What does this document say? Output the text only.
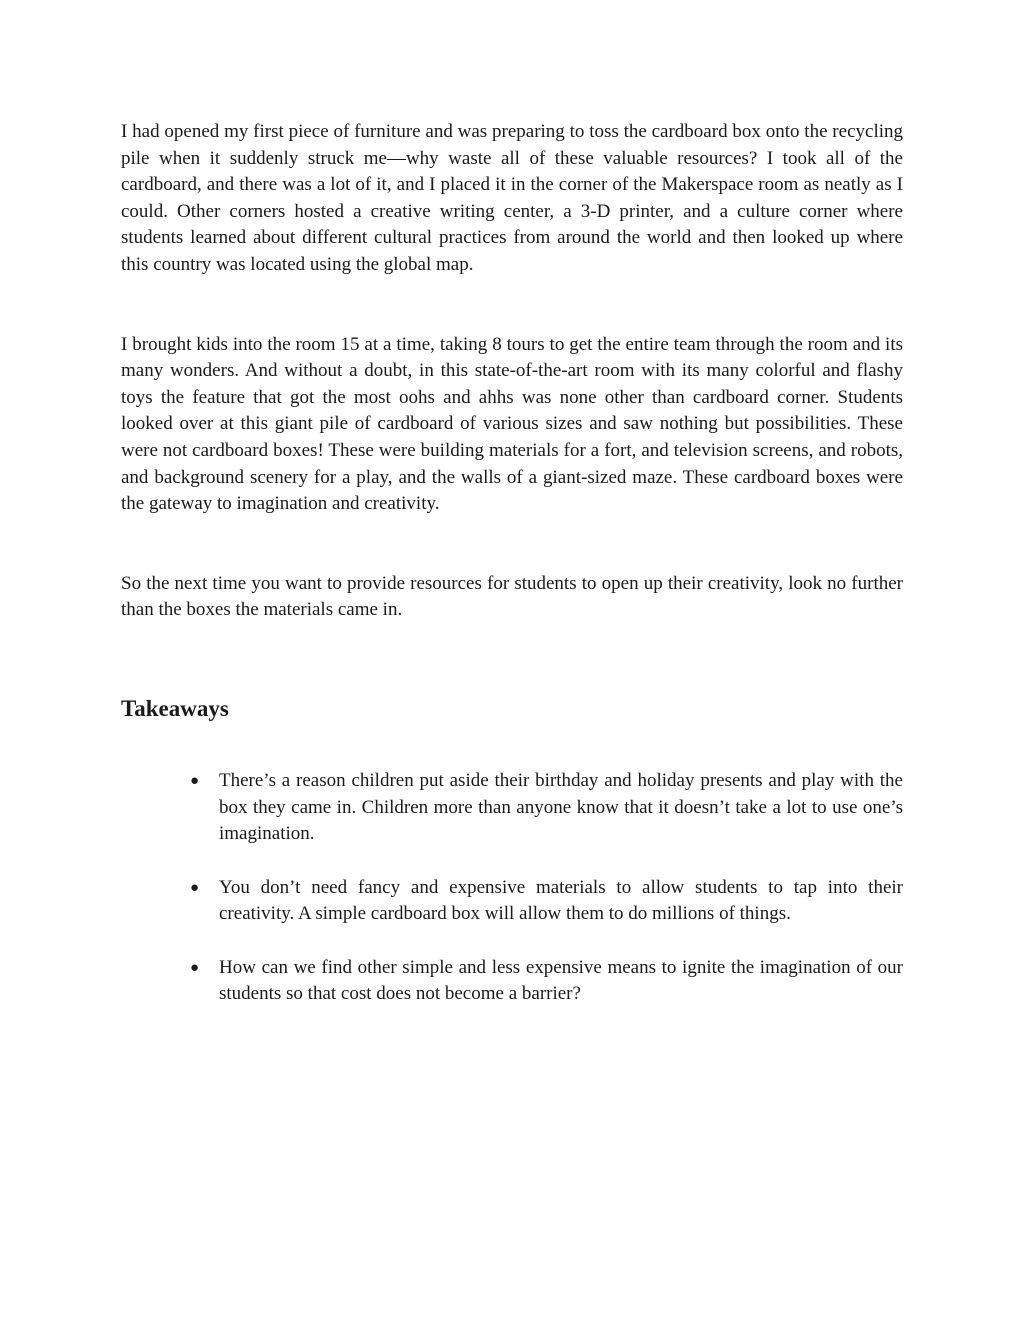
I had opened my first piece of furniture and was preparing to toss the cardboard box onto the recycling pile when it suddenly struck me—why waste all of these valuable resources? I took all of the cardboard, and there was a lot of it, and I placed it in the corner of the Makerspace room as neatly as I could. Other corners hosted a creative writing center, a 3-D printer, and a culture corner where students learned about different cultural practices from around the world and then looked up where this country was located using the global map.

I brought kids into the room 15 at a time, taking 8 tours to get the entire team through the room and its many wonders. And without a doubt, in this state-of-the-art room with its many colorful and flashy toys the feature that got the most oohs and ahhs was none other than cardboard corner. Students looked over at this giant pile of cardboard of various sizes and saw nothing but possibilities. These were not cardboard boxes! These were building materials for a fort, and television screens, and robots, and background scenery for a play, and the walls of a giant-sized maze. These cardboard boxes were the gateway to imagination and creativity.

So the next time you want to provide resources for students to open up their creativity, look no further than the boxes the materials came in.

Takeaways
● There’s a reason children put aside their birthday and holiday presents and play with the box they came in. Children more than anyone know that it doesn’t take a lot to use one’s imagination.
● You don’t need fancy and expensive materials to allow students to tap into their creativity. A simple cardboard box will allow them to do millions of things.
● How can we find other simple and less expensive means to ignite the imagination of our students so that cost does not become a barrier?
